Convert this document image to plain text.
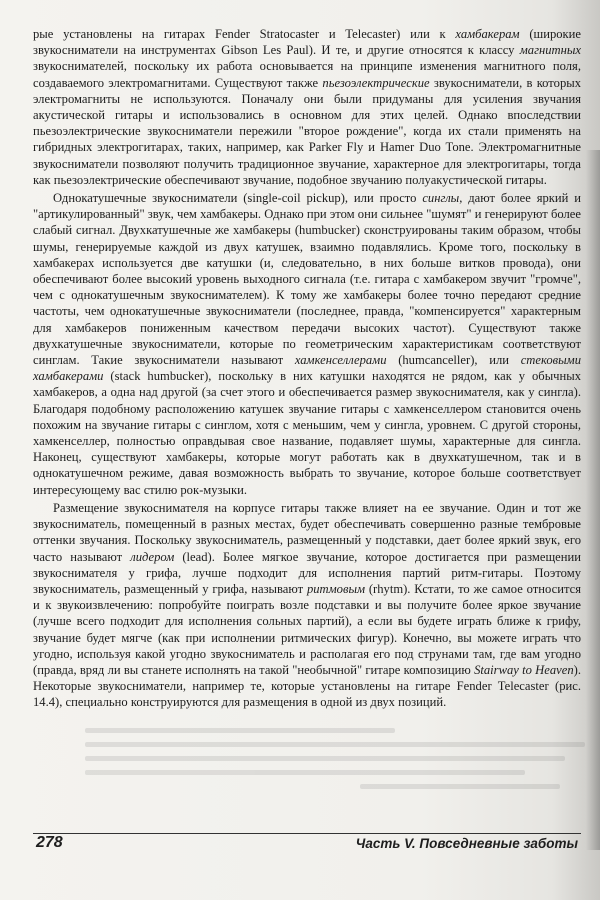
рые установлены на гитарах Fender Stratocaster и Telecaster) или к хамбакерам (широкие звукосниматели на инструментах Gibson Les Paul). И те, и другие относятся к классу магнитных звукоснимателей, поскольку их работа основывается на принципе изменения магнитного поля, создаваемого электромагнитами. Существуют также пьезоэлектрические звукосниматели, в которых электромагниты не используются. Поначалу они были придуманы для усиления звучания акустической гитары и использовались в основном для этих целей. Однако впоследствии пьезоэлектрические звукосниматели пережили "второе рождение", когда их стали применять на гибридных электрогитарах, таких, например, как Parker Fly и Hamer Duo Tone. Электромагнитные звукосниматели позволяют получить традиционное звучание, характерное для электрогитары, тогда как пьезоэлектрические обеспечивают звучание, подобное звучанию полуакустической гитары.

Однокатушечные звукосниматели (single-coil pickup), или просто синглы, дают более яркий и "артикулированный" звук, чем хамбакеры. Однако при этом они сильнее "шумят" и генерируют более слабый сигнал. Двухкатушечные же хамбакеры (humbucker) сконструированы таким образом, чтобы шумы, генерируемые каждой из двух катушек, взаимно подавлялись. Кроме того, поскольку в хамбакерах используется две катушки (и, следовательно, в них больше витков провода), они обеспечивают более высокий уровень выходного сигнала (т.е. гитара с хамбакером звучит "громче", чем с однокатушечным звукоснимателем). К тому же хамбакеры более точно передают средние частоты, чем однокатушечные звукосниматели (последнее, правда, "компенсируется" характерным для хамбакеров пониженным качеством передачи высоких частот). Существуют также двухкатушечные звукосниматели, которые по геометрическим характеристикам соответствуют синглам. Такие звукосниматели называют хамкенселлерами (humcanceller), или стековыми хамбакерами (stack humbucker), поскольку в них катушки находятся не рядом, как у обычных хамбакеров, а одна над другой (за счет этого и обеспечивается размер звукоснимателя, как у сингла). Благодаря подобному расположению катушек звучание гитары с хамкенселлером становится очень похожим на звучание гитары с синглом, хотя с меньшим, чем у сингла, уровнем. С другой стороны, хамкенселлер, полностью оправдывая свое название, подавляет шумы, характерные для сингла. Наконец, существуют хамбакеры, которые могут работать как в двухкатушечном, так и в однокатушечном режиме, давая возможность выбрать то звучание, которое больше соответствует интересующему вас стилю рок-музыки.

Размещение звукоснимателя на корпусе гитары также влияет на ее звучание. Один и тот же звукосниматель, помещенный в разных местах, будет обеспечивать совершенно разные тембровые оттенки звучания. Поскольку звукосниматель, размещенный у подставки, дает более яркий звук, его часто называют лидером (lead). Более мягкое звучание, которое достигается при размещении звукоснимателя у грифа, лучше подходит для исполнения партий ритм-гитары. Поэтому звукосниматель, размещенный у грифа, называют ритмовым (rhytm). Кстати, то же самое относится и к звукоизвлечению: попробуйте поиграть возле подставки и вы получите более яркое звучание (лучше всего подходит для исполнения сольных партий), а если вы будете играть ближе к грифу, звучание будет мягче (как при исполнении ритмических фигур). Конечно, вы можете играть что угодно, используя какой угодно звукосниматель и располагая его под струнами там, где вам угодно (правда, вряд ли вы станете исполнять на такой "необычной" гитаре композицию Stairway to Heaven). Некоторые звукосниматели, например те, которые установлены на гитаре Fender Telecaster (рис. 14.4), специально конструируются для размещения в одной из двух позиций.

278	Часть V. Повседневные заботы
